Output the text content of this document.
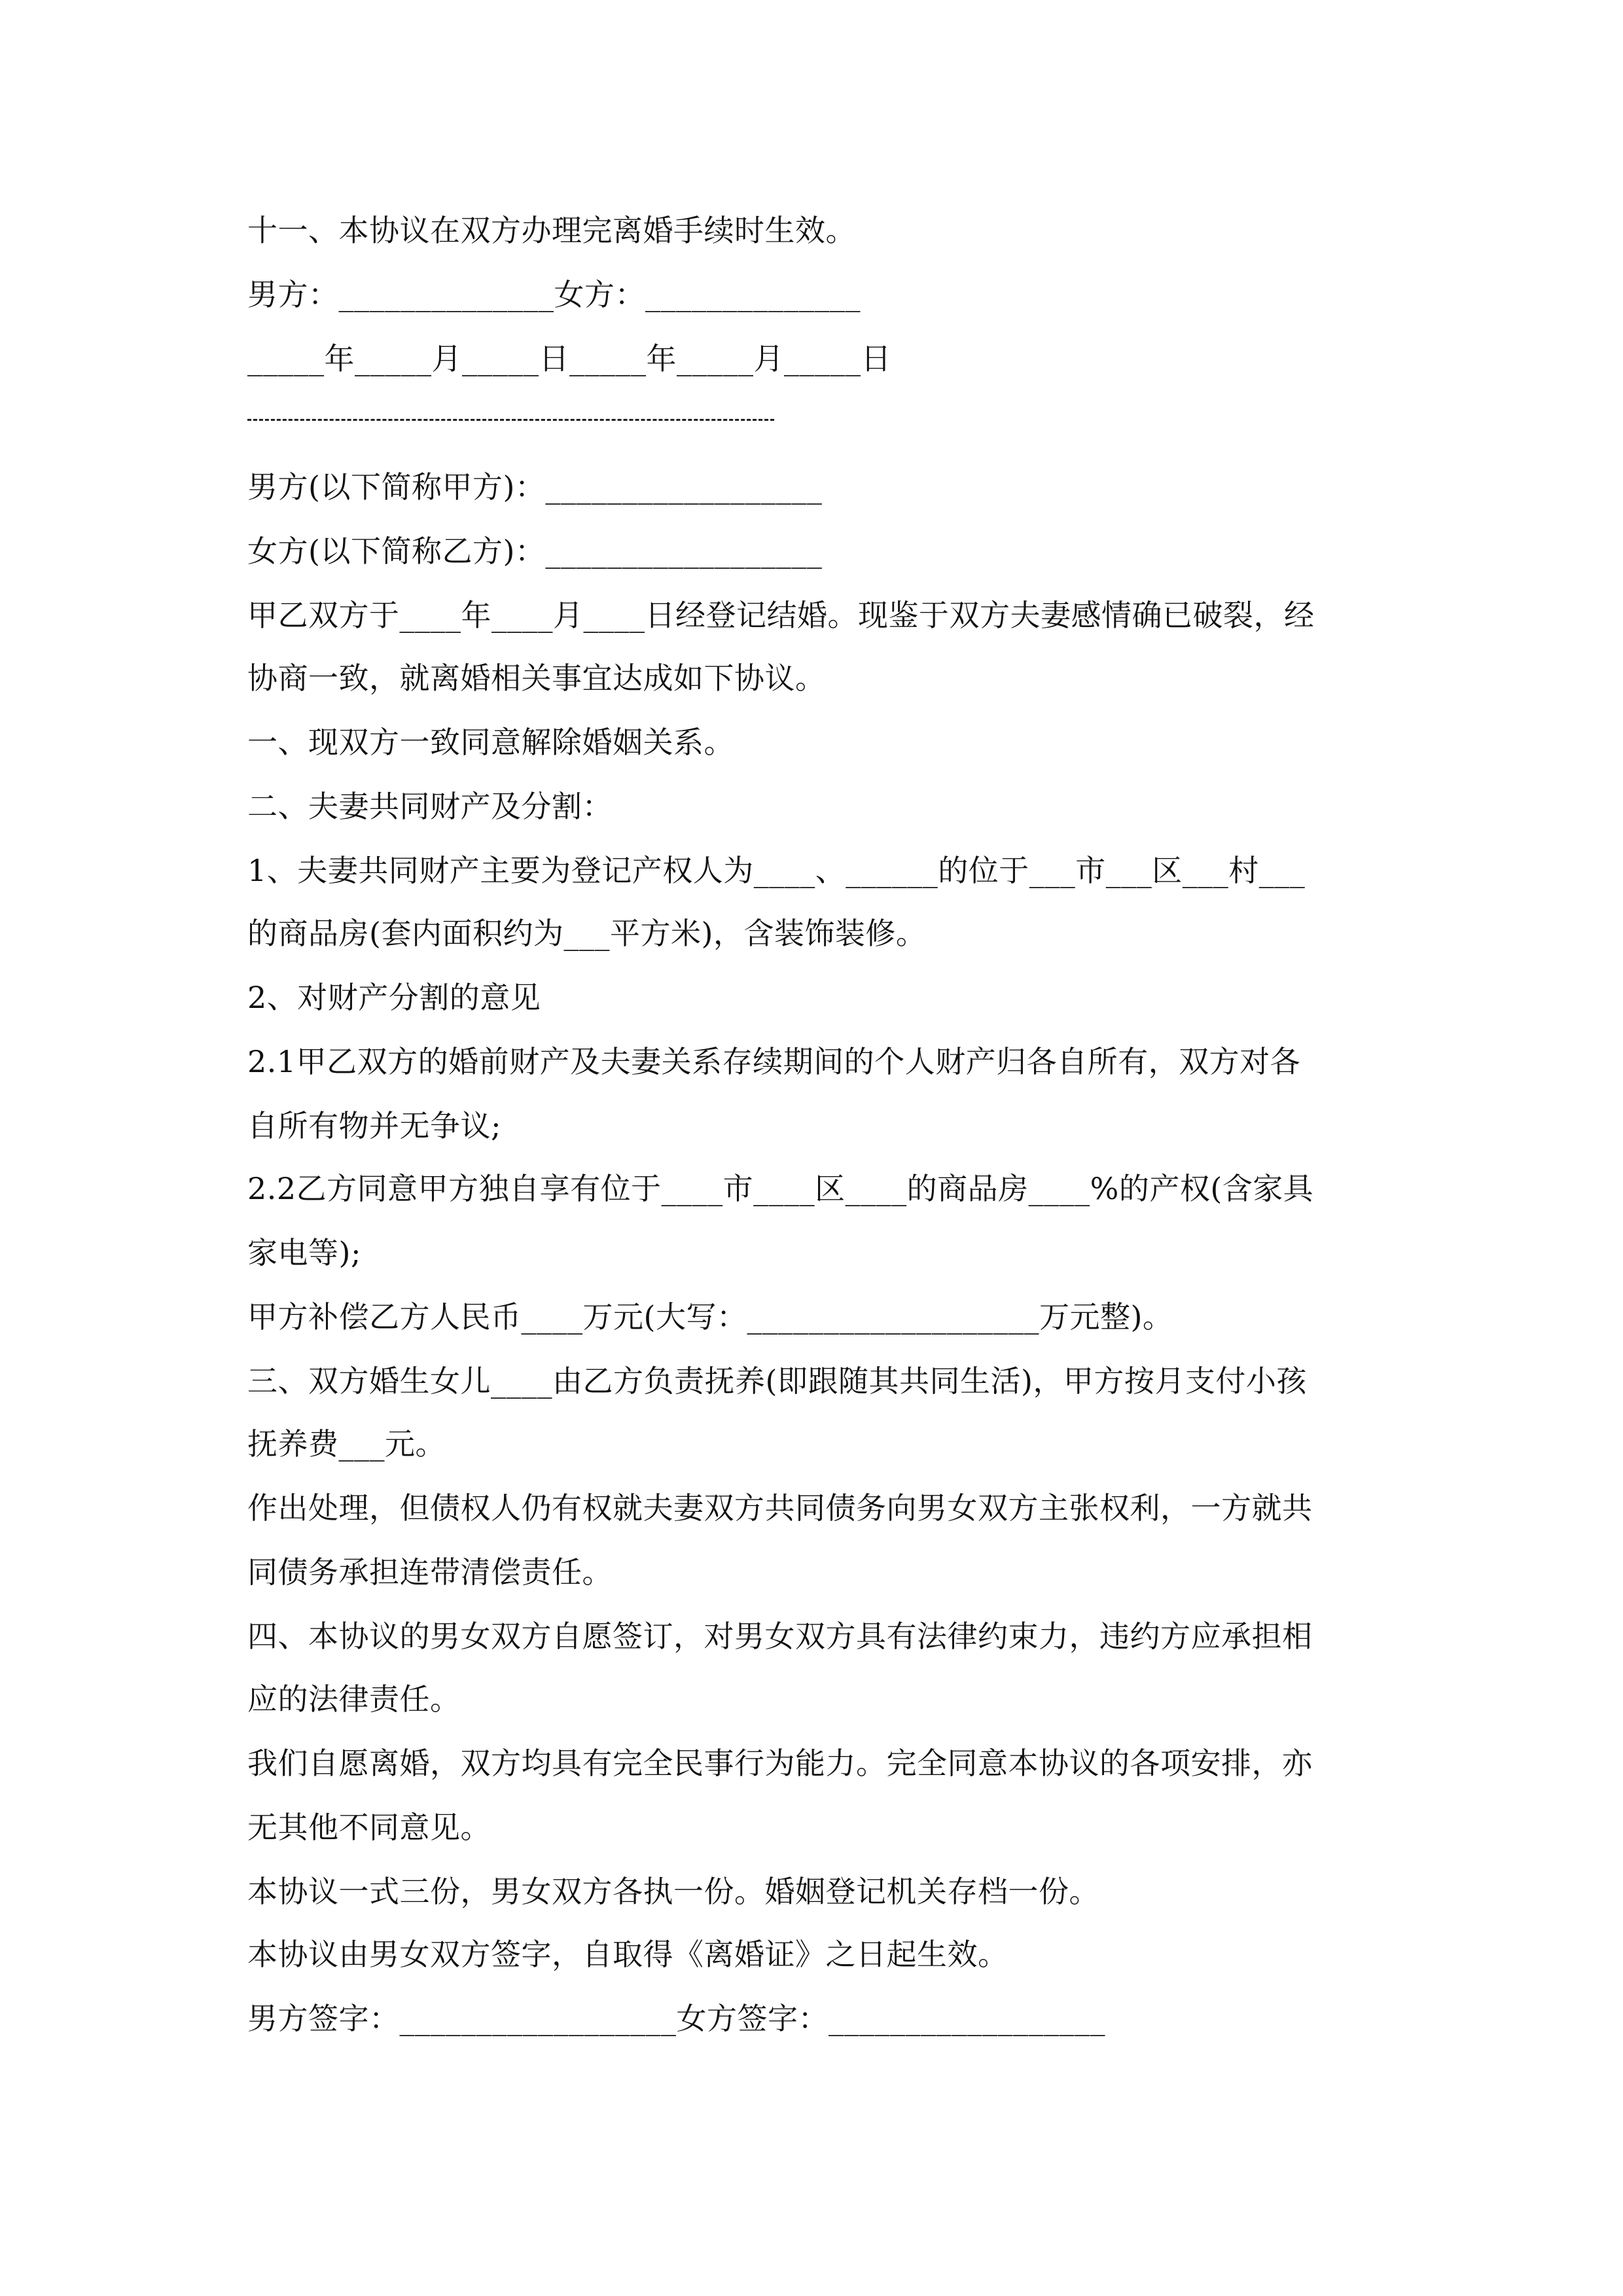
十一、本协议在双方办理完离婚手续时生效。

男方：______________女方：______________

_____年_____月_____日_____年_____月_____日

男方(以下简称甲方)：__________________

女方(以下简称乙方)：__________________

甲乙双方于____年____月____日经登记结婚。现鉴于双方夫妻感情确已破裂，经

协商一致，就离婚相关事宜达成如下协议。

一、现双方一致同意解除婚姻关系。

二、夫妻共同财产及分割：

1、夫妻共同财产主要为登记产权人为____、______的位于___市___区___村___

的商品房(套内面积约为___平方米)，含装饰装修。

2、对财产分割的意见

2.1甲乙双方的婚前财产及夫妻关系存续期间的个人财产归各自所有，双方对各

自所有物并无争议;

2.2乙方同意甲方独自享有位于____市____区____的商品房____%的产权(含家具

家电等);

甲方补偿乙方人民币____万元(大写：___________________万元整)。

三、双方婚生女儿____由乙方负责抚养(即跟随其共同生活)，甲方按月支付小孩

抚养费___元。

作出处理，但债权人仍有权就夫妻双方共同债务向男女双方主张权利，一方就共

同债务承担连带清偿责任。

四、本协议的男女双方自愿签订，对男女双方具有法律约束力，违约方应承担相

应的法律责任。

我们自愿离婚，双方均具有完全民事行为能力。完全同意本协议的各项安排，亦

无其他不同意见。

本协议一式三份，男女双方各执一份。婚姻登记机关存档一份。

本协议由男女双方签字，自取得《离婚证》之日起生效。

男方签字：__________________女方签字：__________________
